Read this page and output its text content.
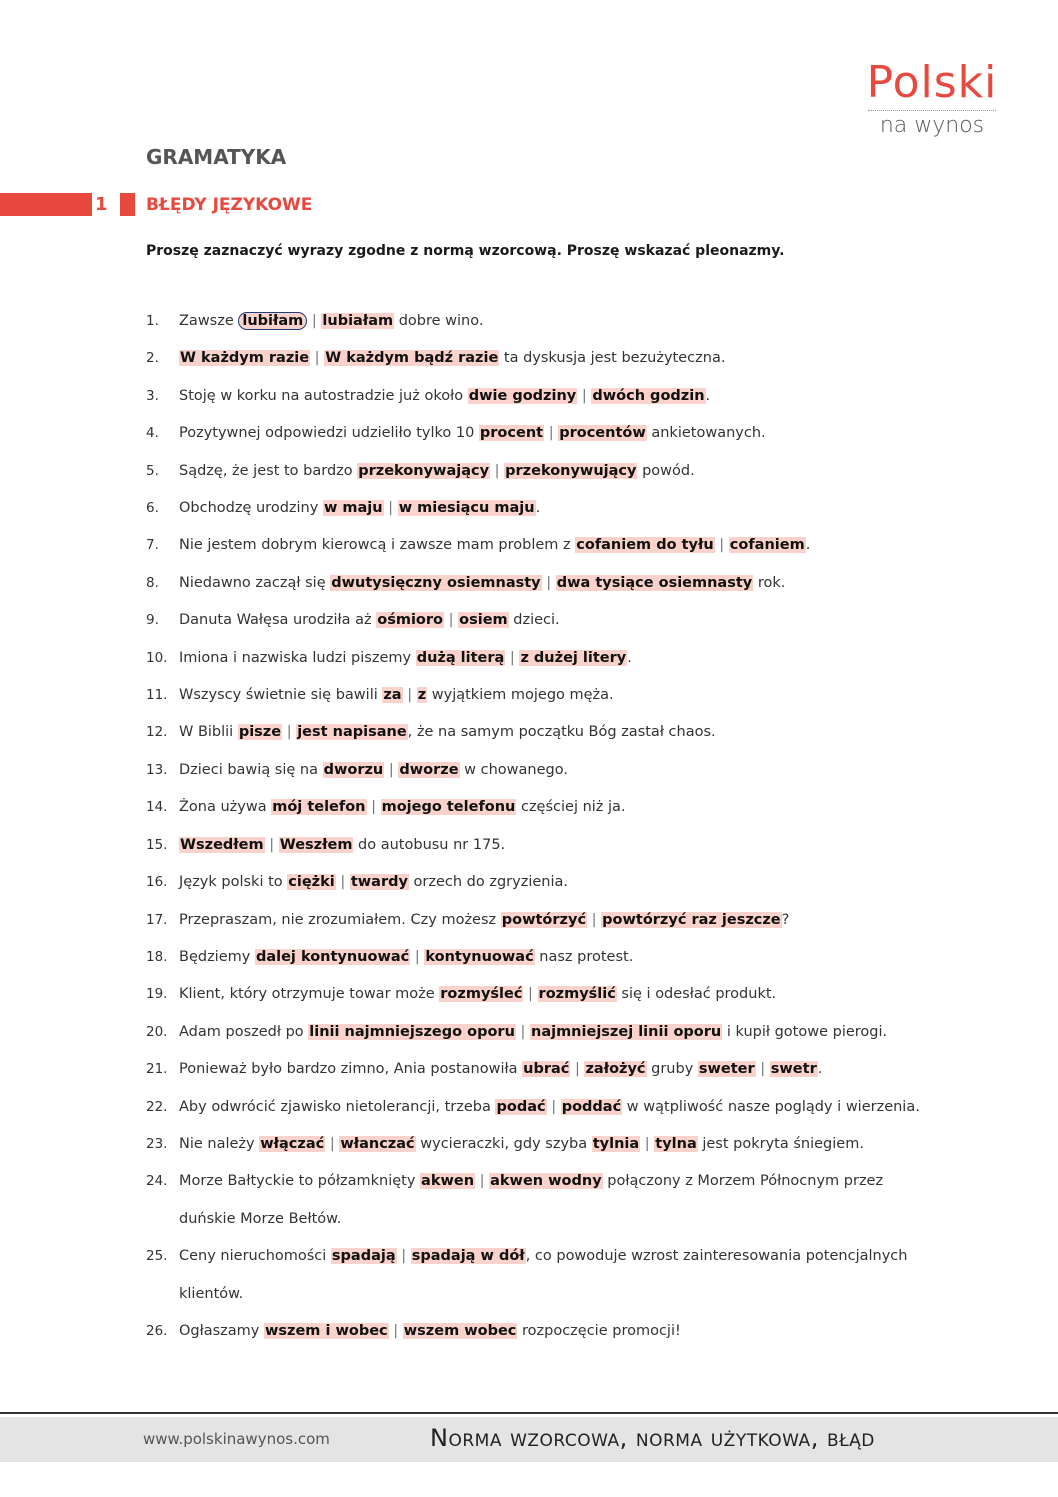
Polski
na wynos
GRAMATYKA
1 BŁĘDY JĘZYKOWE
Proszę zaznaczyć wyrazy zgodne z normą wzorcową. Proszę wskazać pleonazmy.
1.	Zawsze lubiłam | lubiałam dobre wino.
2.	W każdym razie | W każdym bądź razie ta dyskusja jest bezużyteczna.
3.	Stoję w korku na autostradzie już około dwie godziny | dwóch godzin.
4.	Pozytywnej odpowiedzi udzieliło tylko 10 procent | procentów ankietowanych.
5.	Sądzę, że jest to bardzo przekonywający | przekonywujący powód.
6.	Obchodzę urodziny w maju | w miesiącu maju.
7.	Nie jestem dobrym kierowcą i zawsze mam problem z cofaniem do tyłu | cofaniem.
8.	Niedawno zaczął się dwutysięczny osiemnasty | dwa tysiące osiemnasty rok.
9.	Danuta Wałęsa urodziła aż ośmioro | osiem dzieci.
10. Imiona i nazwiska ludzi piszemy dużą literą | z dużej litery.
11. Wszyscy świetnie się bawili za | z wyjątkiem mojego męża.
12. W Biblii pisze | jest napisane, że na samym początku Bóg zastał chaos.
13. Dzieci bawią się na dworzu | dworze w chowanego.
14. Żona używa mój telefon | mojego telefonu częściej niż ja.
15. Wszedłem | Weszłem do autobusu nr 175.
16. Język polski to ciężki | twardy orzech do zgryzienia.
17. Przepraszam, nie zrozumiałem. Czy możesz powtórzyć | powtórzyć raz jeszcze?
18. Będziemy dalej kontynuować | kontynuować nasz protest.
19. Klient, który otrzymuje towar może rozmyśleć | rozmyślić się i odesłać produkt.
20. Adam poszedł po linii najmniejszego oporu | najmniejszej linii oporu i kupił gotowe pierogi.
21. Ponieważ było bardzo zimno, Ania postanowiła ubrać | założyć gruby sweter | swetr.
22. Aby odwrócić zjawisko nietolerancji, trzeba podać | poddać w wątpliwość nasze poglądy i wierzenia.
23. Nie należy włączać | włanczać wycieraczki, gdy szyba tylnia | tylna jest pokryta śniegiem.
24. Morze Bałtyckie to półzamknięty akwen | akwen wodny połączony z Morzem Północnym przez duńskie Morze Bełtów.
25. Ceny nieruchomości spadają | spadają w dół, co powoduje wzrost zainteresowania potencjalnych klientów.
26. Ogłaszamy wszem i wobec | wszem wobec rozpoczęcie promocji!
www.polskinawynos.com	Norma wzorcowa, norma użytkowa, błąd
